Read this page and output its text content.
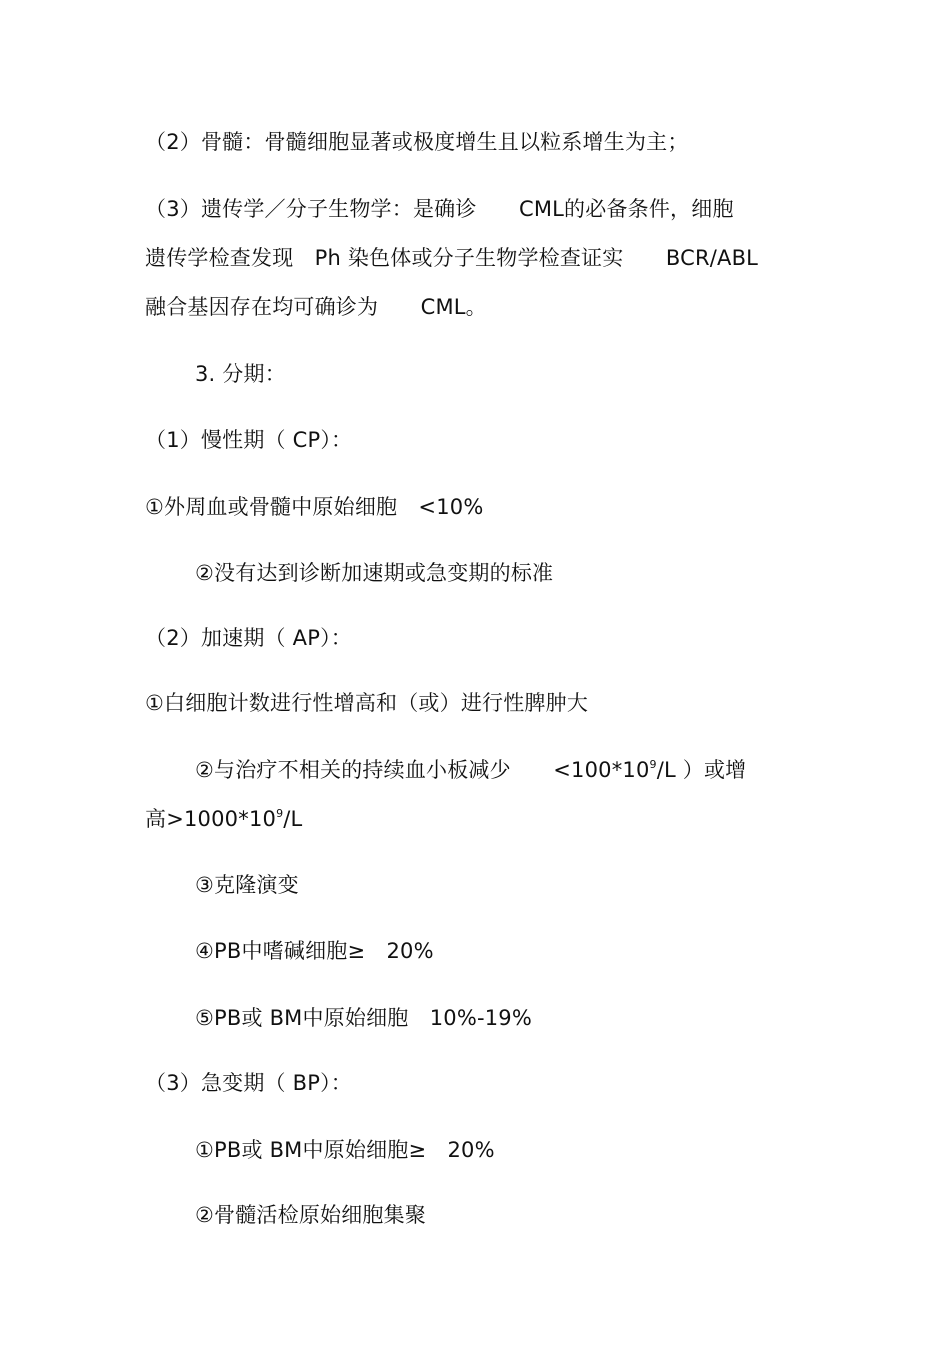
（2）骨髓：骨髓细胞显著或极度增生且以粒系增生为主；
（3）遗传学／分子生物学：是确诊　　CML的必备条件，细胞
遗传学检查发现　Ph 染色体或分子生物学检查证实　　BCR/ABL
融合基因存在均可确诊为　　CML。
3. 分期：
（1）慢性期（ CP）：
①外周血或骨髓中原始细胞　<10%
②没有达到诊断加速期或急变期的标准
（2）加速期（ AP）：
①白细胞计数进行性增高和（或）进行性脾肿大
②与治疗不相关的持续血小板减少　　$<100*10^9/L$ ）或增
高$>1000*10^9/L$
③克隆演变
④PB中嗜碱细胞≥　20%
⑤PB或 BM中原始细胞　10%-19%
（3）急变期（ BP）：
①PB或 BM中原始细胞≥　20%
②骨髓活检原始细胞集聚
